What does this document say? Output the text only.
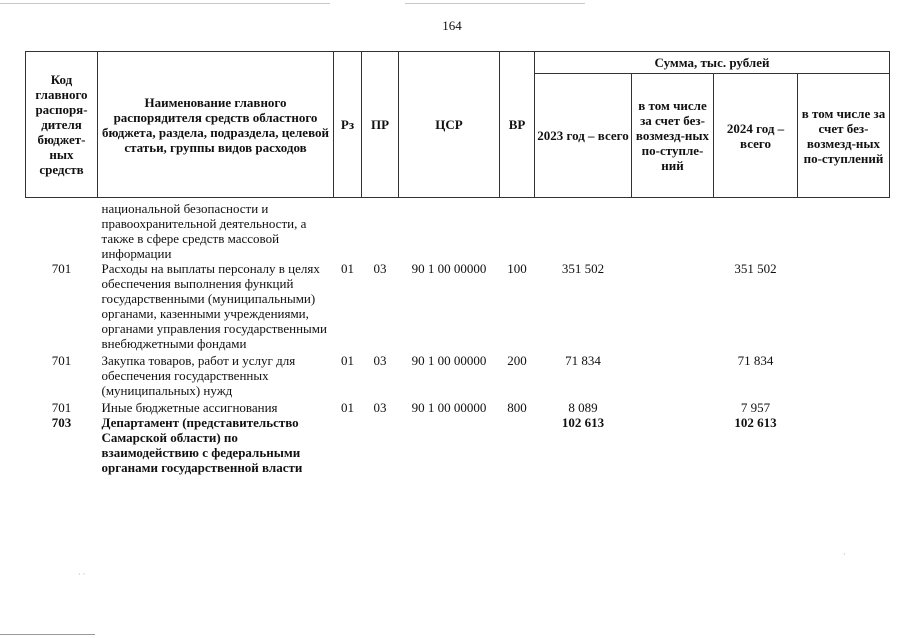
164
Код главного распоря-дителя бюджет-ных средств	Наименование главного распорядителя средств областного бюджета, раздела, подраздела, целевой статьи, группы видов расходов	Рз	ПР	ЦСР	ВР	Сумма, тыс. рублей			
						2023 год – всего	в том числе за счет без-возмезд-ных по-ступле-ний	2024 год – всего	в том числе за счет без-возмезд-ных по-ступлений
	национальной безопасности и правоохранительной деятельности, а также в сфере средств массовой информации								
701	Расходы на выплаты персоналу в целях обеспечения выполнения функций государственными (муниципальными) органами, казенными учреждениями, органами управления государственными внебюджетными фондами	01	03	90 1 00 00000	100	351 502		351 502	
701	Закупка товаров, работ и услуг для обеспечения государственных (муниципальных) нужд	01	03	90 1 00 00000	200	71 834		71 834	
701	Иные бюджетные ассигнования	01	03	90 1 00 00000	800	8 089		7 957	
703	Департамент (представительство Самарской области) по взаимодействию с федеральными органами государственной власти					102 613		102 613	
· ·
·
